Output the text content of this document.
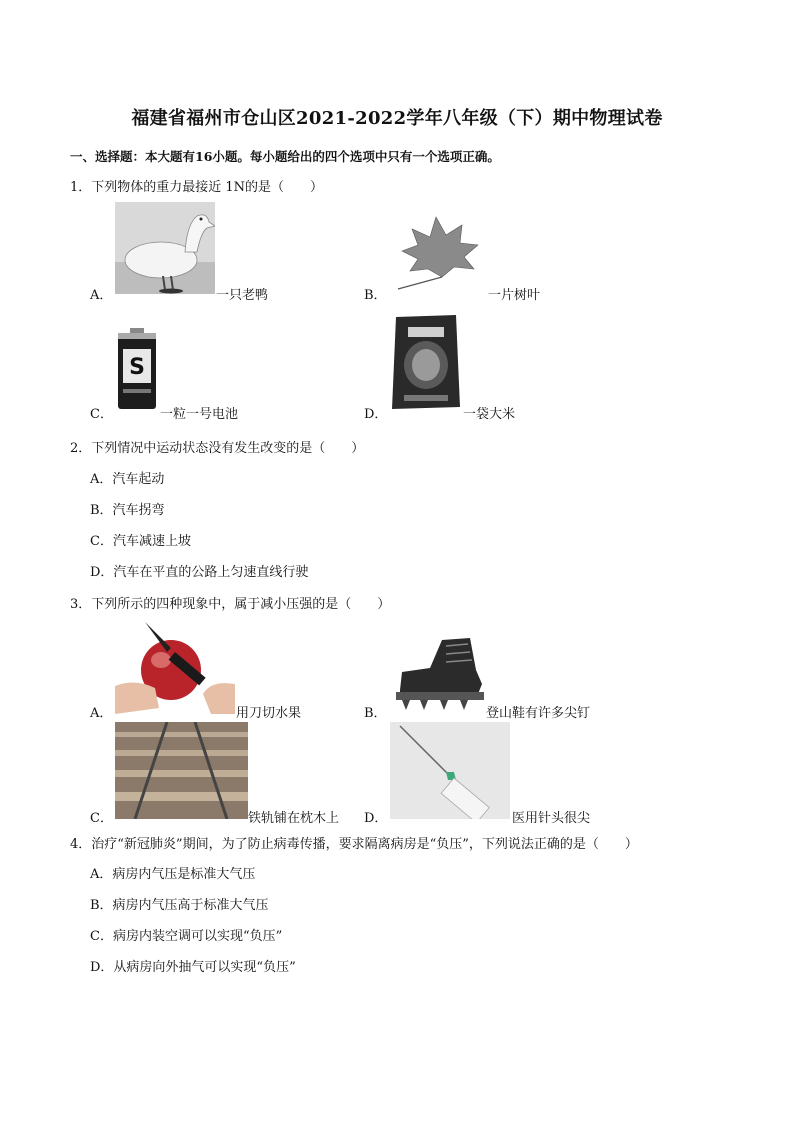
福建省福州市仓山区2021-2022学年八年级（下）期中物理试卷
一、选择题：本大题有16小题。每小题给出的四个选项中只有一个选项正确。
1．下列物体的重力最接近 1N的是（　　）
A．	一只老鸭	B．	一片树叶
C．
S
一粒一号电池	D．	一袋大米
2．下列情况中运动状态没有发生改变的是（　　）
A．汽车起动
B．汽车拐弯
C．汽车减速上坡
D．汽车在平直的公路上匀速直线行驶
3．下列所示的四种现象中，属于减小压强的是（　　）
A．	用刀切水果	B．	登山鞋有许多尖钉
C．	铁轨铺在枕木上 D．	医用针头很尖
4．治疗“新冠肺炎”期间，为了防止病毒传播，要求隔离病房是“负压”，下列说法正确的是（　　）
A．病房内气压是标准大气压
B．病房内气压高于标准大气压
C．病房内装空调可以实现“负压”
D．从病房向外抽气可以实现“负压”
